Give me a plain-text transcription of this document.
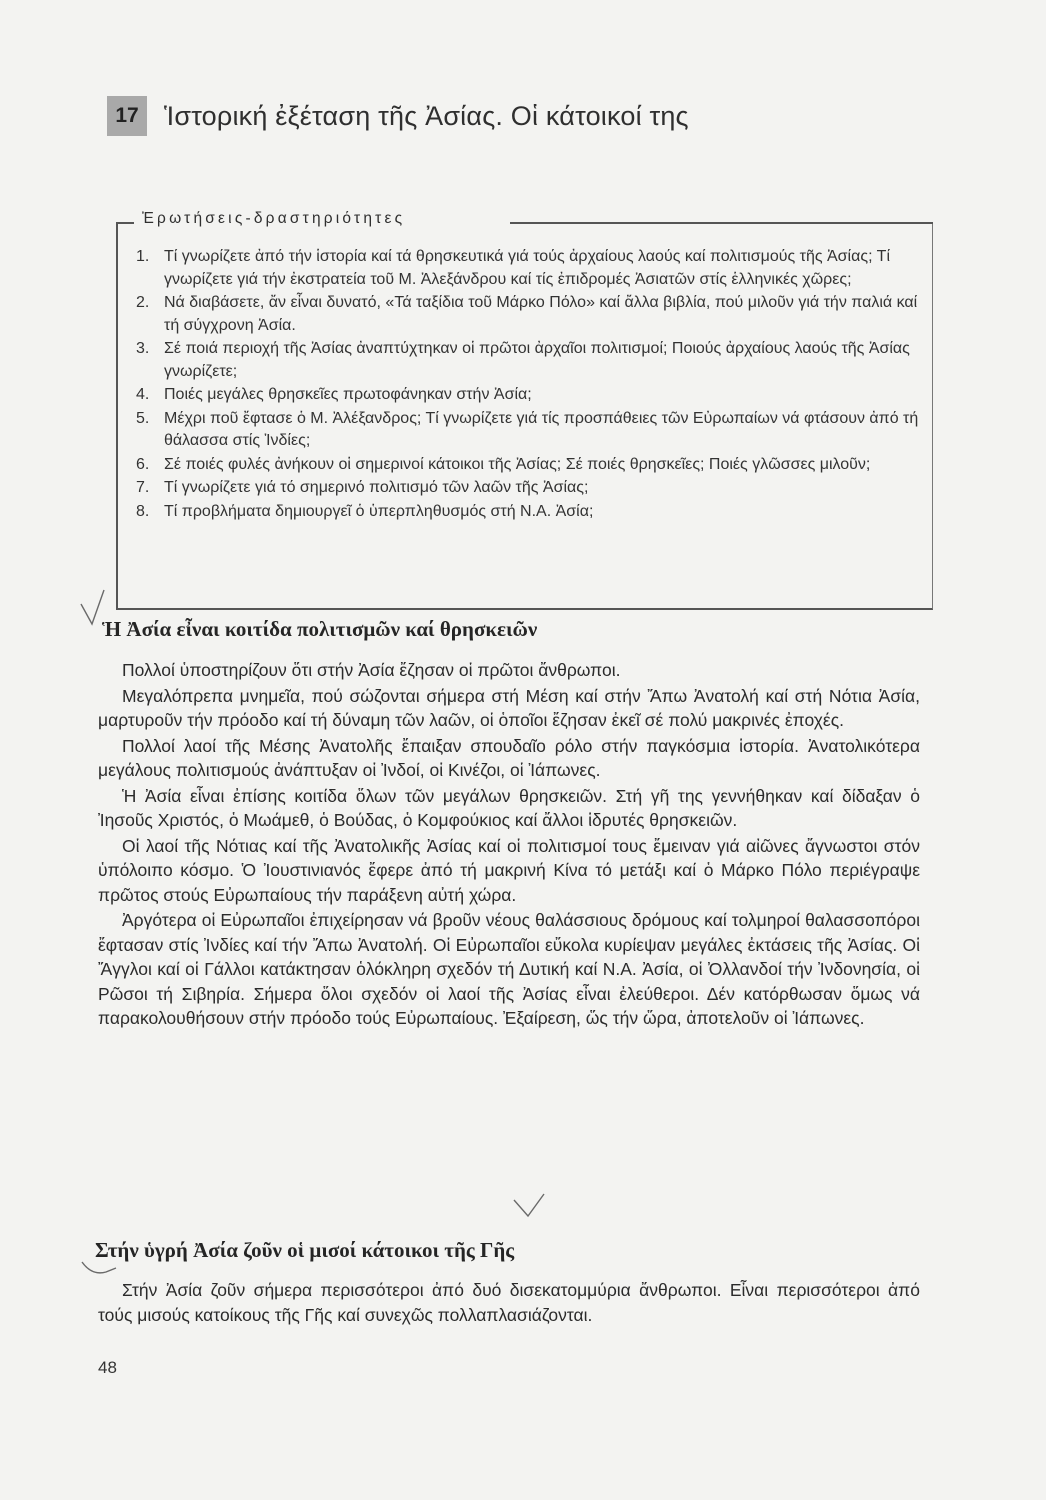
17 Ἱστορική ἐξέταση τῆς Ἀσίας. Οἱ κάτοικοί της
Ἐρωτήσεις-δραστηριότητες
1. Τί γνωρίζετε ἀπό τήν ἱστορία καί τά θρησκευτικά γιά τούς ἀρχαίους λαούς καί πολιτισμούς τῆς Ἀσίας; Τί γνωρίζετε γιά τήν ἐκστρατεία τοῦ Μ. Ἀλεξάνδρου καί τίς ἐπιδρομές Ἀσιατῶν στίς ἑλληνικές χῶρες;
2. Νά διαβάσετε, ἄν εἶναι δυνατό, «Τά ταξίδια τοῦ Μάρκο Πόλο» καί ἄλλα βιβλία, πού μιλοῦν γιά τήν παλιά καί τή σύγχρονη Ἀσία.
3. Σέ ποιά περιοχή τῆς Ἀσίας ἀναπτύχτηκαν οἱ πρῶτοι ἀρχαῖοι πολιτισμοί; Ποιούς ἀρχαίους λαούς τῆς Ἀσίας γνωρίζετε;
4. Ποιές μεγάλες θρησκεῖες πρωτοφάνηκαν στήν Ἀσία;
5. Μέχρι ποῦ ἔφτασε ὁ Μ. Ἀλέξανδρος; Τί γνωρίζετε γιά τίς προσπάθειες τῶν Εὐρωπαίων νά φτάσουν ἀπό τή θάλασσα στίς Ἰνδίες;
6. Σέ ποιές φυλές ἀνήκουν οἱ σημερινοί κάτοικοι τῆς Ἀσίας; Σέ ποιές θρησκεῖες; Ποιές γλῶσσες μιλοῦν;
7. Τί γνωρίζετε γιά τό σημερινό πολιτισμό τῶν λαῶν τῆς Ἀσίας;
8. Τί προβλήματα δημιουργεῖ ὁ ὑπερπληθυσμός στή Ν.Α. Ἀσία;
Ἡ Ἀσία εἶναι κοιτίδα πολιτισμῶν καί θρησκειῶν

Πολλοί ὑποστηρίζουν ὅτι στήν Ἀσία ἔζησαν οἱ πρῶτοι ἄνθρωποι.

Μεγαλόπρεπα μνημεῖα, πού σώζονται σήμερα στή Μέση καί στήν Ἄπω Ἀνατολή καί στή Νότια Ἀσία, μαρτυροῦν τήν πρόοδο καί τή δύναμη τῶν λαῶν, οἱ ὁποῖοι ἔζησαν ἐκεῖ σέ πολύ μακρινές ἐποχές.

Πολλοί λαοί τῆς Μέσης Ἀνατολῆς ἔπαιξαν σπουδαῖο ρόλο στήν παγκόσμια ἱστορία. Ἀνατολικότερα μεγάλους πολιτισμούς ἀνάπτυξαν οἱ Ἰνδοί, οἱ Κινέζοι, οἱ Ἰάπωνες.

Ἡ Ἀσία εἶναι ἐπίσης κοιτίδα ὅλων τῶν μεγάλων θρησκειῶν. Στή γῆ της γεννήθηκαν καί δίδαξαν ὁ Ἰησοῦς Χριστός, ὁ Μωάμεθ, ὁ Βούδας, ὁ Κομφούκιος καί ἄλλοι ἱδρυτές θρησκειῶν.

Οἱ λαοί τῆς Νότιας καί τῆς Ἀνατολικῆς Ἀσίας καί οἱ πολιτισμοί τους ἔμειναν γιά αἰῶνες ἄγνωστοι στόν ὑπόλοιπο κόσμο. Ὁ Ἰουστινιανός ἔφερε ἀπό τή μακρινή Κίνα τό μετάξι καί ὁ Μάρκο Πόλο περιέγραψε πρῶτος στούς Εὐρωπαίους τήν παράξενη αὐτή χώρα.

Ἀργότερα οἱ Εὐρωπαῖοι ἐπιχείρησαν νά βροῦν νέους θαλάσσιους δρόμους καί τολμηροί θαλασσοπόροι ἔφτασαν στίς Ἰνδίες καί τήν Ἄπω Ἀνατολή. Οἱ Εὐρωπαῖοι εὔκολα κυρίεψαν μεγάλες ἐκτάσεις τῆς Ἀσίας. Οἱ Ἄγγλοι καί οἱ Γάλλοι κατάκτησαν ὁλόκληρη σχεδόν τή Δυτική καί Ν.Α. Ἀσία, οἱ Ὀλλανδοί τήν Ἰνδονησία, οἱ Ρῶσοι τή Σιβηρία. Σήμερα ὅλοι σχεδόν οἱ λαοί τῆς Ἀσίας εἶναι ἐλεύθεροι. Δέν κατόρθωσαν ὅμως νά παρακολουθήσουν στήν πρόοδο τούς Εὐρωπαίους. Ἐξαίρεση, ὥς τήν ὥρα, ἀποτελοῦν οἱ Ἰάπωνες.

Στήν ὑγρή Ἀσία ζοῦν οἱ μισοί κάτοικοι τῆς Γῆς

Στήν Ἀσία ζοῦν σήμερα περισσότεροι ἀπό δυό δισεκατομμύρια ἄνθρωποι. Εἶναι περισσότεροι ἀπό τούς μισούς κατοίκους τῆς Γῆς καί συνεχῶς πολλαπλασιάζονται.

48
